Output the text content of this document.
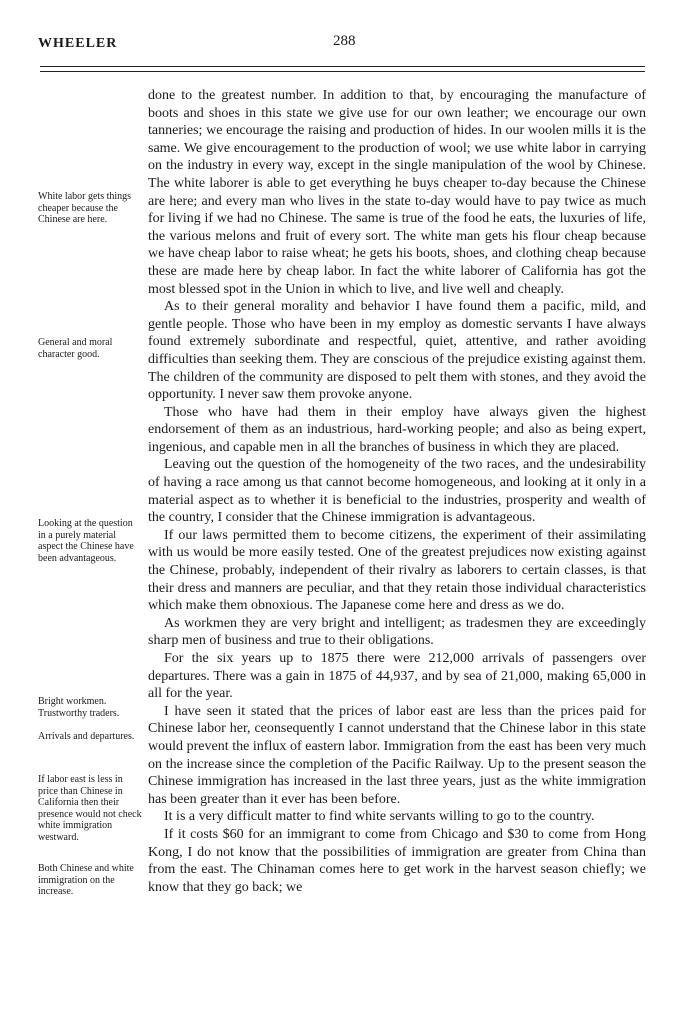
WHEELER	288
White labor gets things cheaper because the Chinese are here.
General and moral character good.
Looking at the question in a purely material aspect the Chinese have been advantageous.
Bright workmen. Trustworthy traders.
Arrivals and departures.
If labor east is less in price than Chinese in California then their presence would not check white immigration westward.
Both Chinese and white immigration on the increase.

done to the greatest number. In addition to that, by encouraging the manufacture of boots and shoes in this state we give use for our own leather; we encourage our own tanneries; we encourage the raising and production of hides. In our woolen mills it is the same. We give encouragement to the production of wool; we use white labor in carrying on the industry in every way, except in the single manipulation of the wool by Chinese. The white laborer is able to get everything he buys cheaper to-day because the Chinese are here; and every man who lives in the state to-day would have to pay twice as much for living if we had no Chinese. The same is true of the food he eats, the luxuries of life, the various melons and fruit of every sort. The white man gets his flour cheap because we have cheap labor to raise wheat; he gets his boots, shoes, and clothing cheap because these are made here by cheap labor. In fact the white laborer of California has got the most blessed spot in the Union in which to live, and live well and cheaply.

As to their general morality and behavior I have found them a pacific, mild, and gentle people. Those who have been in my employ as domestic servants I have always found extremely subordinate and respectful, quiet, attentive, and rather avoiding difficulties than seeking them. They are conscious of the prejudice existing against them. The children of the community are disposed to pelt them with stones, and they avoid the opportunity. I never saw them provoke anyone.

Those who have had them in their employ have always given the highest endorsement of them as an industrious, hard-working people; and also as being expert, ingenious, and capable men in all the branches of business in which they are placed.

Leaving out the question of the homogeneity of the two races, and the undesirability of having a race among us that cannot become homogeneous, and looking at it only in a material aspect as to whether it is beneficial to the industries, prosperity and wealth of the country, I consider that the Chinese immigration is advantageous.

If our laws permitted them to become citizens, the experiment of their assimilating with us would be more easily tested. One of the greatest prejudices now existing against the Chinese, probably, independent of their rivalry as laborers to certain classes, is that their dress and manners are peculiar, and that they retain those individual characteristics which make them obnoxious. The Japanese come here and dress as we do.

As workmen they are very bright and intelligent; as tradesmen they are exceedingly sharp men of business and true to their obligations.

For the six years up to 1875 there were 212,000 arrivals of passengers over departures. There was a gain in 1875 of 44,937, and by sea of 21,000, making 65,000 in all for the year.

I have seen it stated that the prices of labor east are less than the prices paid for Chinese labor her, ceonsequently I cannot understand that the Chinese labor in this state would prevent the influx of eastern labor. Immigration from the east has been very much on the increase since the completion of the Pacific Railway. Up to the present season the Chinese immigration has increased in the last three years, just as the white immigration has been greater than it ever has been before.

It is a very difficult matter to find white servants willing to go to the country.

If it costs $60 for an immigrant to come from Chicago and $30 to come from Hong Kong, I do not know that the possibilities of immigration are greater from China than from the east. The Chinaman comes here to get work in the harvest season chiefly; we know that they go back; we
